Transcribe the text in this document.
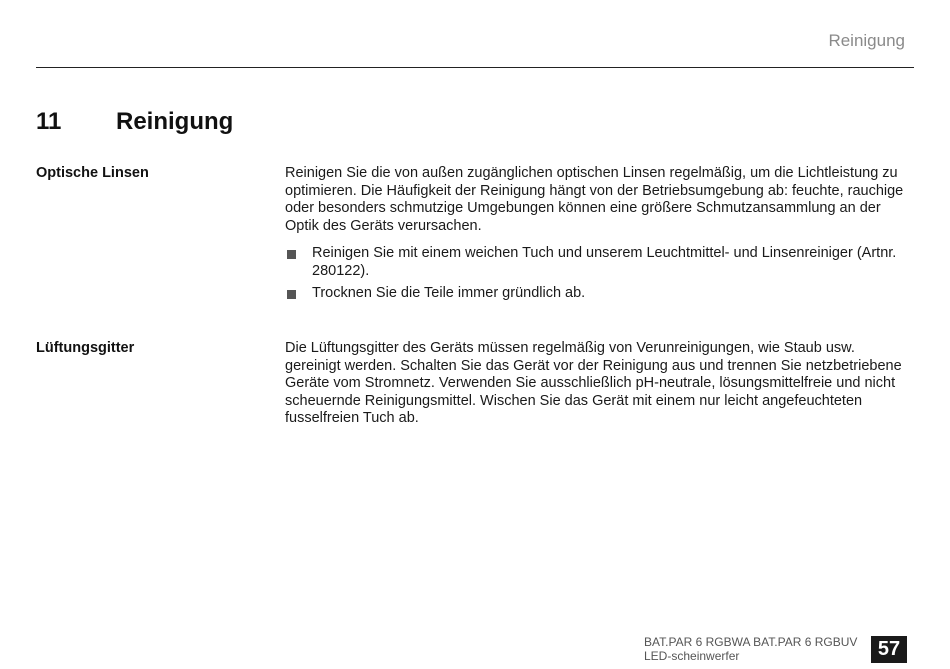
Reinigung
11 Reinigung
Optische Linsen	Reinigen Sie die von außen zugänglichen optischen Linsen regelmäßig, um die Lichtleistung zu optimieren. Die Häufigkeit der Reinigung hängt von der Betriebsumgebung ab: feuchte, rauchige oder besonders schmutzige Umgebungen können eine größere Schmutzansammlung an der Optik des Geräts verursachen.

Reinigen Sie mit einem weichen Tuch und unserem Leuchtmittel- und Linsenreiniger (Artnr. 280122).
Trocknen Sie die Teile immer gründlich ab.
Lüftungsgitter	Die Lüftungsgitter des Geräts müssen regelmäßig von Verunreinigungen, wie Staub usw. gereinigt werden. Schalten Sie das Gerät vor der Reinigung aus und trennen Sie netzbetriebene Geräte vom Stromnetz. Verwenden Sie ausschließlich pH-neutrale, lösungsmittelfreie und nicht scheuernde Reinigungsmittel. Wischen Sie das Gerät mit einem nur leicht angefeuchteten fusselfreien Tuch ab.

BAT.PAR 6 RGBWA BAT.PAR 6 RGBUV
LED-scheinwerfer	57
